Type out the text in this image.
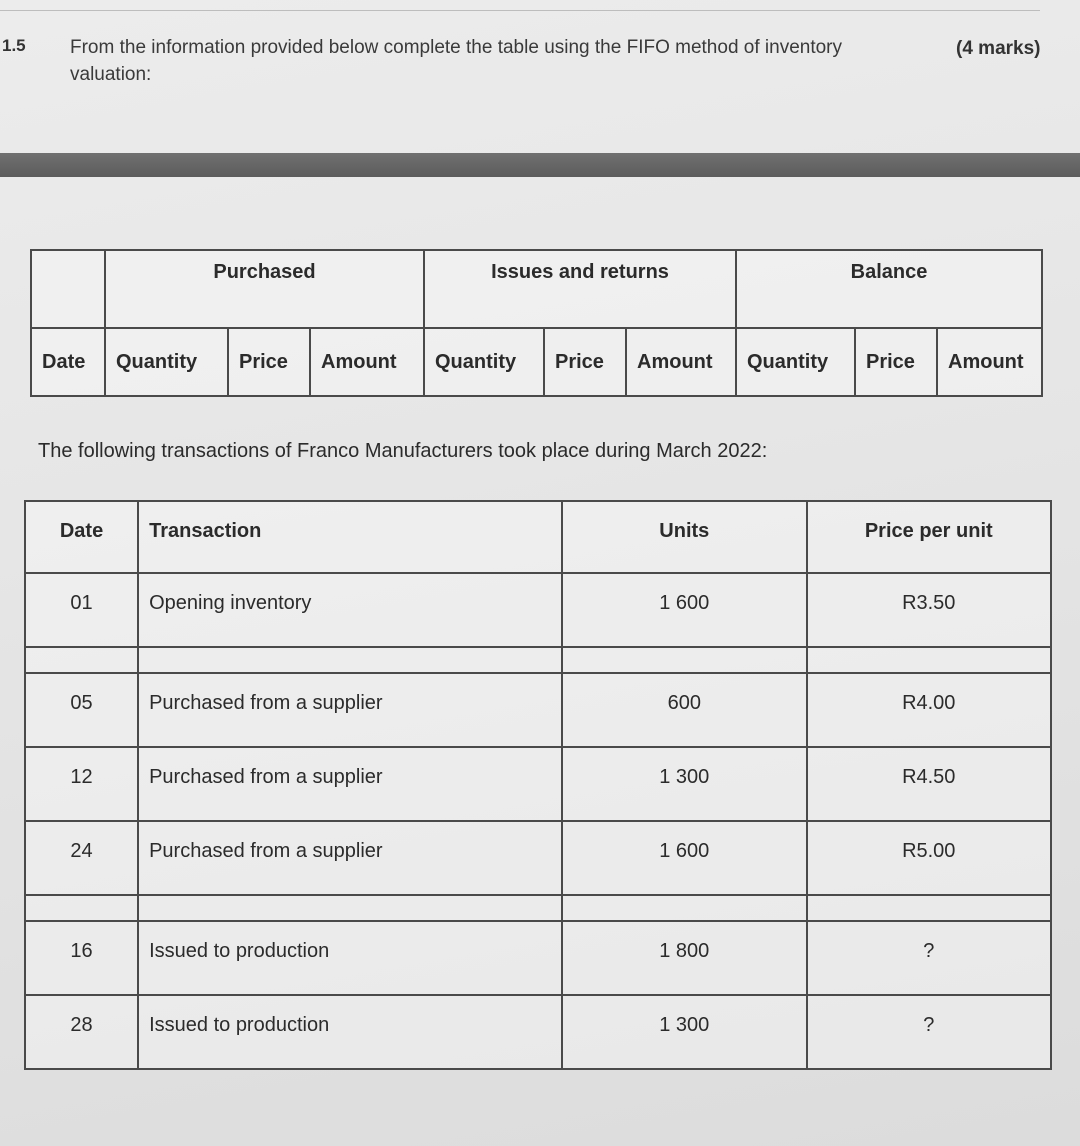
1.5 From the information provided below complete the table using the FIFO method of inventory valuation:
(4 marks)
	Purchased			Issues and returns			Balance		
Date	Quantity	Price	Amount	Quantity	Price	Amount	Quantity	Price	Amount
The following transactions of Franco Manufacturers took place during March 2022:
Date	Transaction	Units	Price per unit
01	Opening inventory	1 600	R3.50

05	Purchased from a supplier	600	R4.00
12	Purchased from a supplier	1 300	R4.50
24	Purchased from a supplier	1 600	R5.00

16	Issued to production	1 800	?
28	Issued to production	1 300	?
